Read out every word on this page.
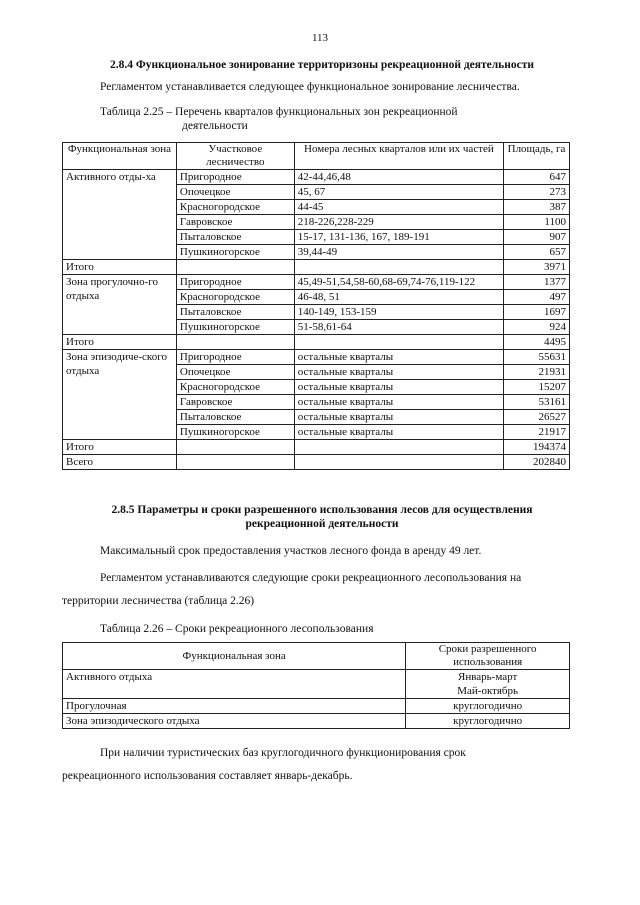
113
2.8.4 Функциональное зонирование территоризоны рекреационной деятельности
Регламентом устанавливается следующее функциональное зонирование лесничества.
Таблица 2.25 – Перечень кварталов функциональных зон рекреационной

деятельности
Функциональная зона	Участковое лесничество	Номера лесных кварталов или их частей	Площадь, га
Активного отды-ха	Пригородное	42-44,46,48	647
	Опочецкое	45, 67	273
	Красногородское	44-45	387
	Гавровское	218-226,228-229	1100
	Пыталовское	15-17, 131-136, 167, 189-191	907
	Пушкиногорское	39,44-49	657
Итого			3971
Зона прогулочно-го отдыха	Пригородное	45,49-51,54,58-60,68-69,74-76,119-122	1377
	Красногородское	46-48, 51	497
	Пыталовское	140-149, 153-159	1697
	Пушкиногорское	51-58,61-64	924
Итого			4495
Зона эпизодиче-ского отдыха	Пригородное	остальные кварталы	55631
	Опочецкое	остальные кварталы	21931
	Красногородское	остальные кварталы	15207
	Гавровское	остальные кварталы	53161
	Пыталовское	остальные кварталы	26527
	Пушкиногорское	остальные кварталы	21917
Итого			194374
Всего			202840
2.8.5 Параметры и сроки разрешенного использования лесов для осуществления
рекреационной деятельности
Максимальный срок предоставления участков лесного фонда в аренду 49 лет.
Регламентом устанавливаются следующие сроки рекреационного лесопользования на
территории лесничества (таблица 2.26)
Таблица 2.26 – Сроки рекреационного лесопользования
Функциональная зона	Сроки разрешенного использования
Активного отдыха	Январь-март
Май-октябрь
Прогулочная	круглогодично
Зона эпизодического отдыха	круглогодично
При наличии туристических баз круглогодичного функционирования срок
рекреационного использования составляет январь-декабрь.
